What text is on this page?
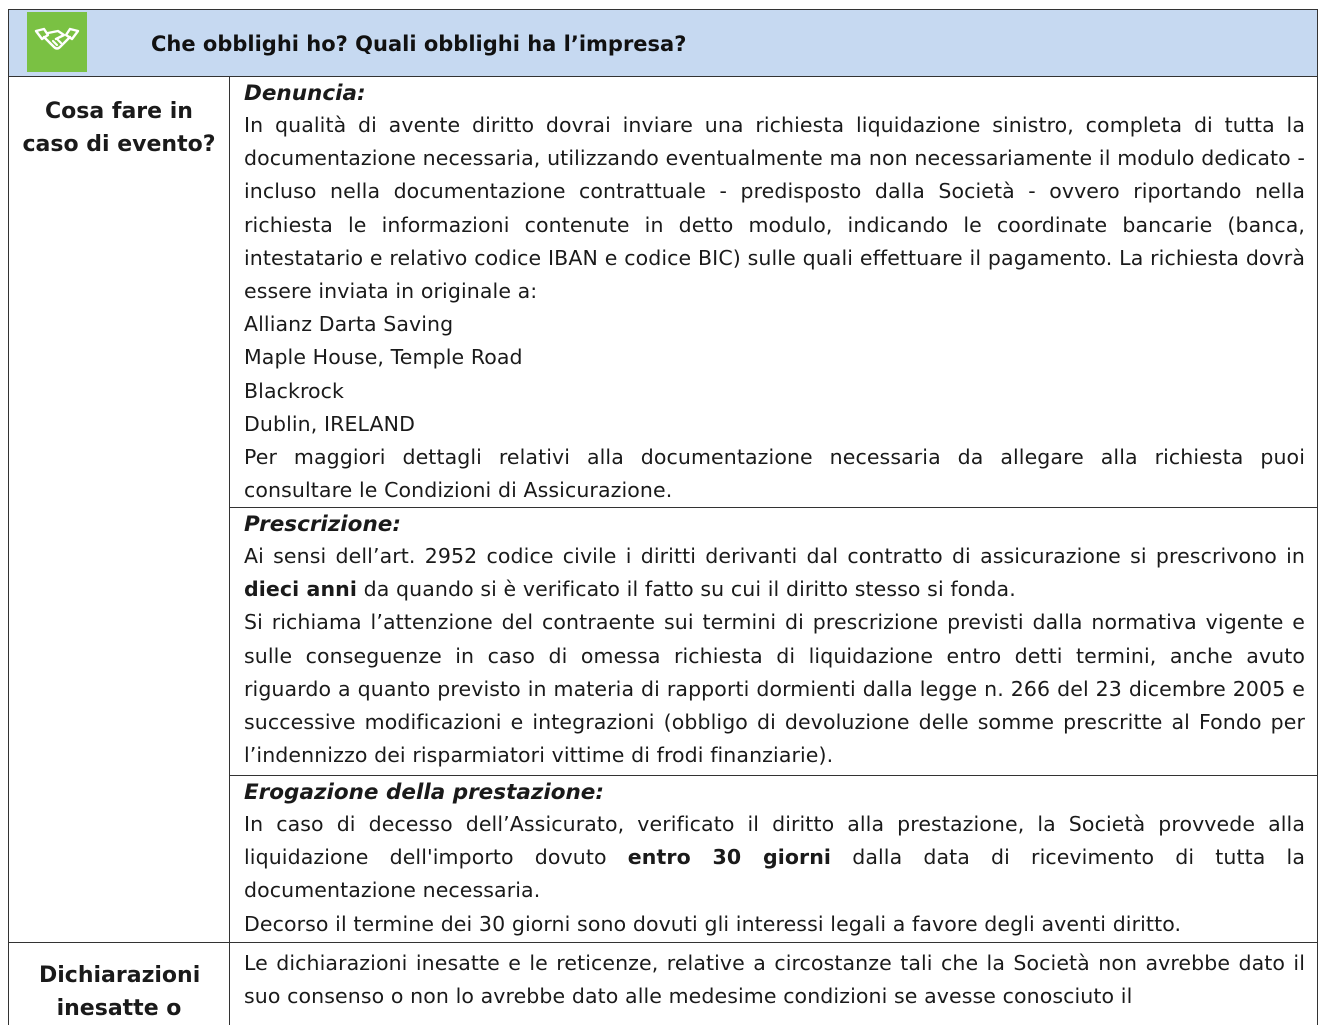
Che obblighi ho? Quali obblighi ha l’impresa?
Cosa fare in caso di evento?
Denuncia:

In qualità di avente diritto dovrai inviare una richiesta liquidazione sinistro, completa di tutta la documentazione necessaria, utilizzando eventualmente ma non necessariamente il modulo dedicato - incluso nella documentazione contrattuale - predisposto dalla Società - ovvero riportando nella richiesta le informazioni contenute in detto modulo, indicando le coordinate bancarie (banca, intestatario e relativo codice IBAN e codice BIC) sulle quali effettuare il pagamento. La richiesta dovrà essere inviata in originale a:

Allianz Darta Saving

Maple House, Temple Road

Blackrock

Dublin, IRELAND

Per maggiori dettagli relativi alla documentazione necessaria da allegare alla richiesta puoi consultare le Condizioni di Assicurazione.

Prescrizione:

Ai sensi dell’art. 2952 codice civile i diritti derivanti dal contratto di assicurazione si prescrivono in dieci anni da quando si è verificato il fatto su cui il diritto stesso si fonda.

Si richiama l’attenzione del contraente sui termini di prescrizione previsti dalla normativa vigente e sulle conseguenze in caso di omessa richiesta di liquidazione entro detti termini, anche avuto riguardo a quanto previsto in materia di rapporti dormienti dalla legge n. 266 del 23 dicembre 2005 e successive modificazioni e integrazioni (obbligo di devoluzione delle somme prescritte al Fondo per l’indennizzo dei risparmiatori vittime di frodi finanziarie).

Erogazione della prestazione:

In caso di decesso dell’Assicurato, verificato il diritto alla prestazione, la Società provvede alla liquidazione dell'importo dovuto entro 30 giorni dalla data di ricevimento di tutta la documentazione necessaria.

Decorso il termine dei 30 giorni sono dovuti gli interessi legali a favore degli aventi diritto.

Dichiarazioni inesatte o

Le dichiarazioni inesatte e le reticenze, relative a circostanze tali che la Società non avrebbe dato il suo consenso o non lo avrebbe dato alle medesime condizioni se avesse conosciuto il
